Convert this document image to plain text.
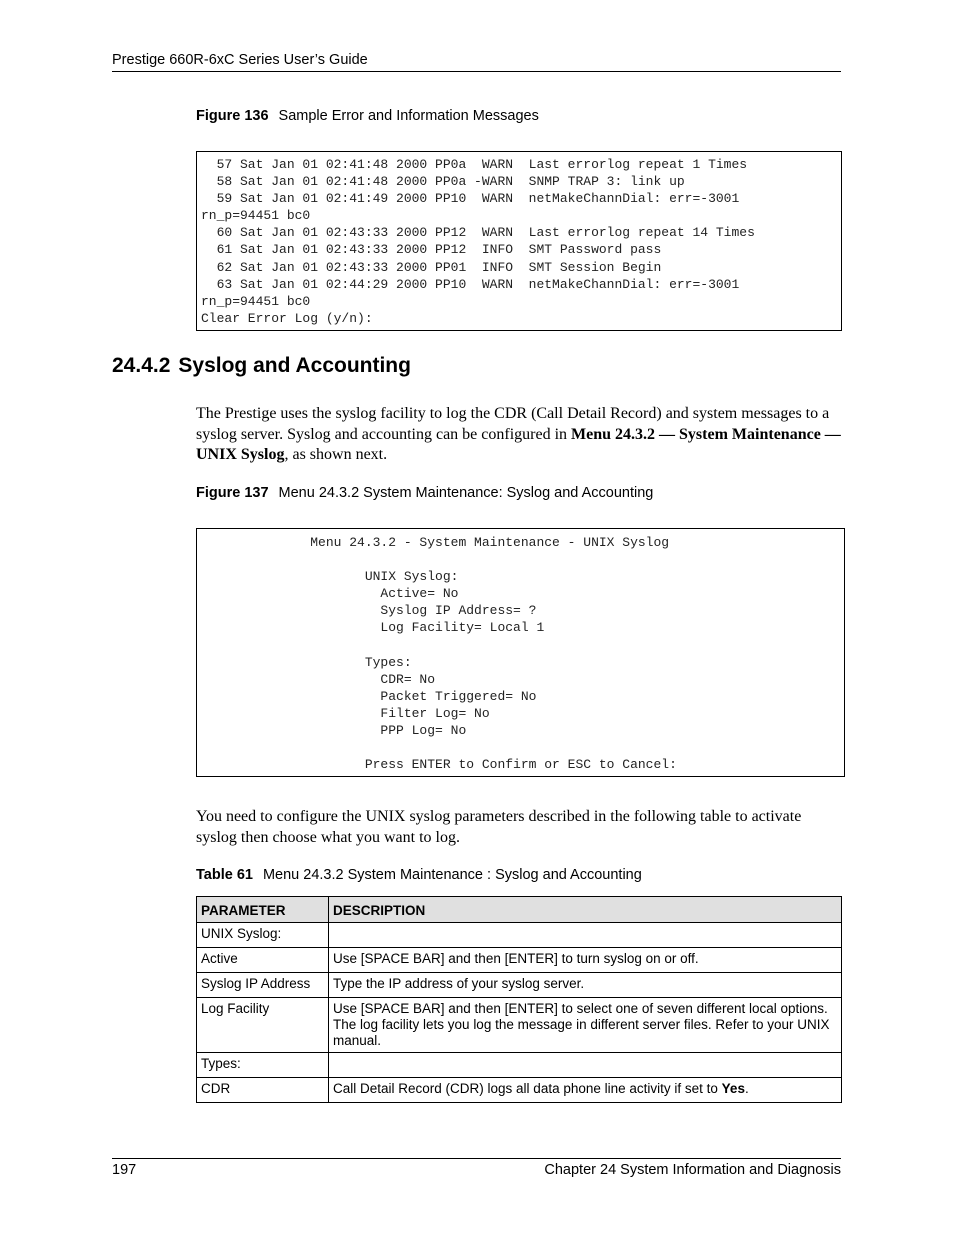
Prestige 660R-6xC Series User’s Guide
Figure 136 Sample Error and Information Messages
57 Sat Jan 01 02:41:48 2000 PP0a  WARN  Last errorlog repeat 1 Times
58 Sat Jan 01 02:41:48 2000 PP0a -WARN  SNMP TRAP 3: link up
59 Sat Jan 01 02:41:49 2000 PP10  WARN  netMakeChannDial: err=-3001
rn_p=94451 bc0
60 Sat Jan 01 02:43:33 2000 PP12  WARN  Last errorlog repeat 14 Times
61 Sat Jan 01 02:43:33 2000 PP12  INFO  SMT Password pass
62 Sat Jan 01 02:43:33 2000 PP01  INFO  SMT Session Begin
63 Sat Jan 01 02:44:29 2000 PP10  WARN  netMakeChannDial: err=-3001
rn_p=94451 bc0
Clear Error Log (y/n):
24.4.2 Syslog and Accounting
The Prestige uses the syslog facility to log the CDR (Call Detail Record) and system messages to a syslog server. Syslog and accounting can be configured in Menu 24.3.2 — System Maintenance — UNIX Syslog, as shown next.
Figure 137 Menu 24.3.2 System Maintenance: Syslog and Accounting
Menu 24.3.2 - System Maintenance - UNIX Syslog

UNIX Syslog:
Active= No
Syslog IP Address= ?
Log Facility= Local 1

Types:
CDR= No
Packet Triggered= No
Filter Log= No
PPP Log= No

Press ENTER to Confirm or ESC to Cancel:
You need to configure the UNIX syslog parameters described in the following table to activate syslog then choose what you want to log.
Table 61 Menu 24.3.2 System Maintenance : Syslog and Accounting
PARAMETER	DESCRIPTION
UNIX Syslog:	
Active	Use [SPACE BAR] and then [ENTER] to turn syslog on or off.
Syslog IP Address	Type the IP address of your syslog server.
Log Facility	Use [SPACE BAR] and then [ENTER] to select one of seven different local options. The log facility lets you log the message in different server files. Refer to your UNIX manual.
Types:	
CDR	Call Detail Record (CDR) logs all data phone line activity if set to Yes.
197	Chapter 24 System Information and Diagnosis
